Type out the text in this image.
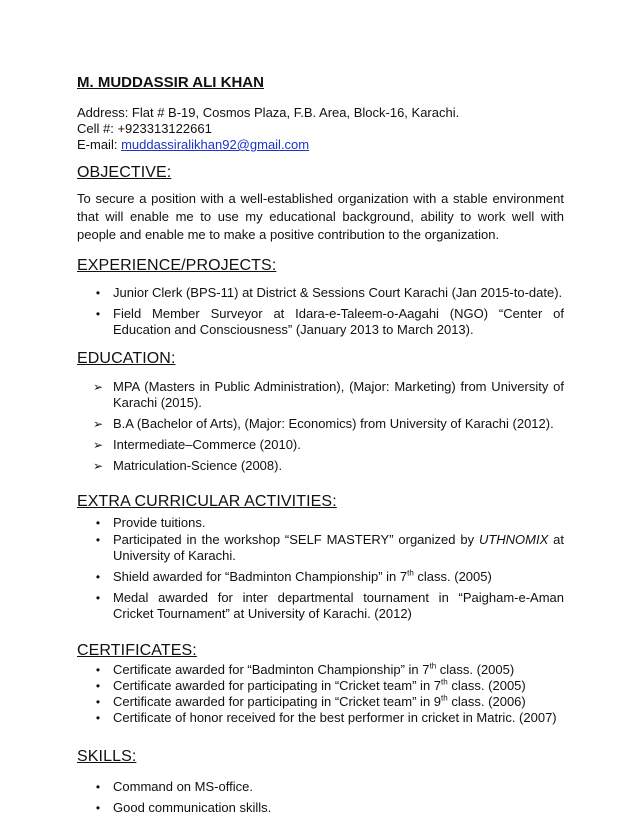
M. MUDDASSIR ALI KHAN
Address: Flat # B-19, Cosmos Plaza, F.B. Area, Block-16, Karachi.
Cell #: +923313122661
E-mail: muddassiralikhan92@gmail.com
OBJECTIVE:

To secure a position with a well-established organization with a stable environment that will enable me to use my educational background, ability to work well with people and enable me to make a positive contribution to the organization.

EXPERIENCE/PROJECTS:
• Junior Clerk (BPS-11) at District & Sessions Court Karachi (Jan 2015-to-date).
• Field Member Surveyor at Idara-e-Taleem-o-Aagahi (NGO) “Center of Education and Consciousness” (January 2013 to March 2013).
EDUCATION:
➢ MPA (Masters in Public Administration), (Major: Marketing) from University of Karachi (2015).
➢ B.A (Bachelor of Arts), (Major: Economics) from University of Karachi (2012).
➢ Intermediate–Commerce (2010).
➢ Matriculation-Science (2008).
EXTRA CURRICULAR ACTIVITIES:
• Provide tuitions.
• Participated in the workshop “SELF MASTERY” organized by UTHNOMIX at University of Karachi.
• Shield awarded for “Badminton Championship” in 7th class. (2005)
• Medal awarded for inter departmental tournament in “Paigham-e-Aman Cricket Tournament” at University of Karachi. (2012)
CERTIFICATES:
• Certificate awarded for “Badminton Championship” in 7th class. (2005)
• Certificate awarded for participating in “Cricket team” in 7th class. (2005)
• Certificate awarded for participating in “Cricket team” in 9th class. (2006)
• Certificate of honor received for the best performer in cricket in Matric. (2007)
SKILLS:
• Command on MS-office.
• Good communication skills.
